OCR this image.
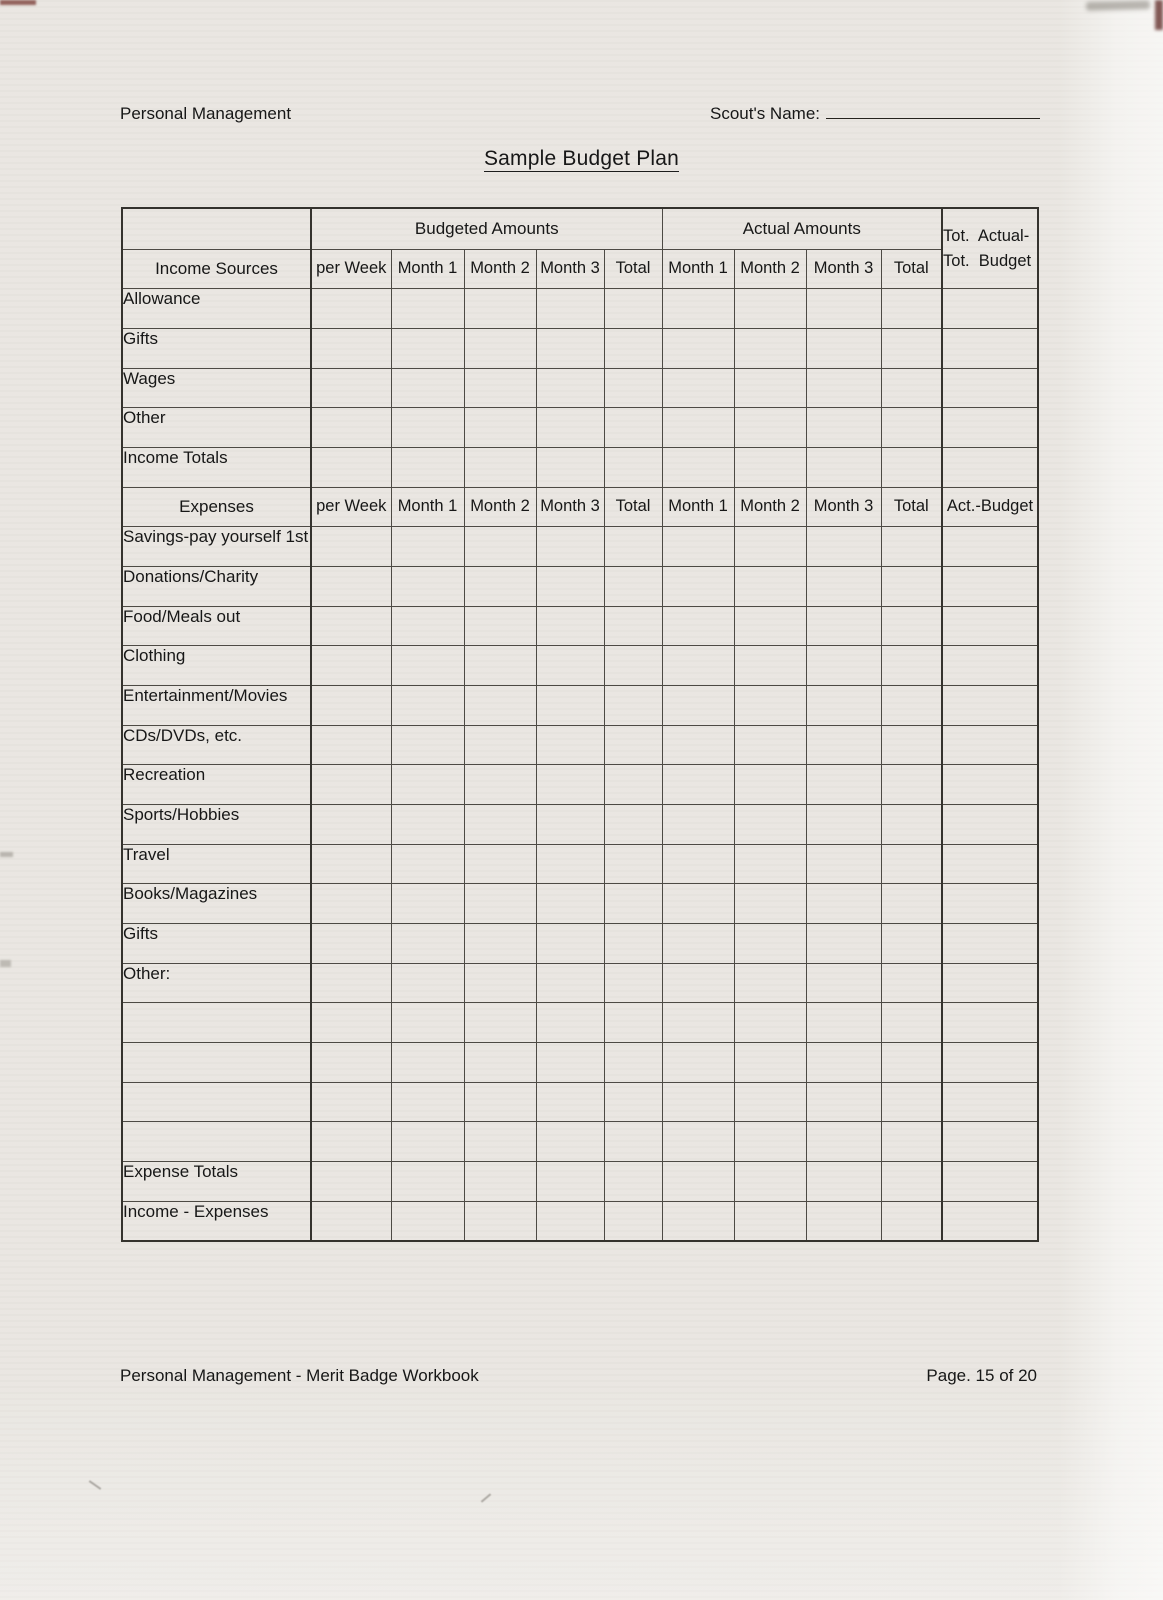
Personal Management	Scout's Name:
Sample Budget Plan
	Budgeted Amounts					Actual Amounts				Tot.  Actual-
Tot.  Budget

Income Sources	per Week	Month 1	Month 2	Month 3	Total	Month 1	Month 2	Month 3	Total	
Allowance										
Gifts										
Wages										
Other										
Income Totals										
Expenses	per Week	Month 1	Month 2	Month 3	Total	Month 1	Month 2	Month 3	Total	Act.-Budget
Savings-pay yourself 1st										
Donations/Charity										
Food/Meals out										
Clothing										
Entertainment/Movies										
CDs/DVDs, etc.										
Recreation										
Sports/Hobbies										
Travel										
Books/Magazines										
Gifts										
Other:										

Expense Totals										
Income - Expenses										
Personal Management - Merit Badge Workbook	Page. 15 of 20
